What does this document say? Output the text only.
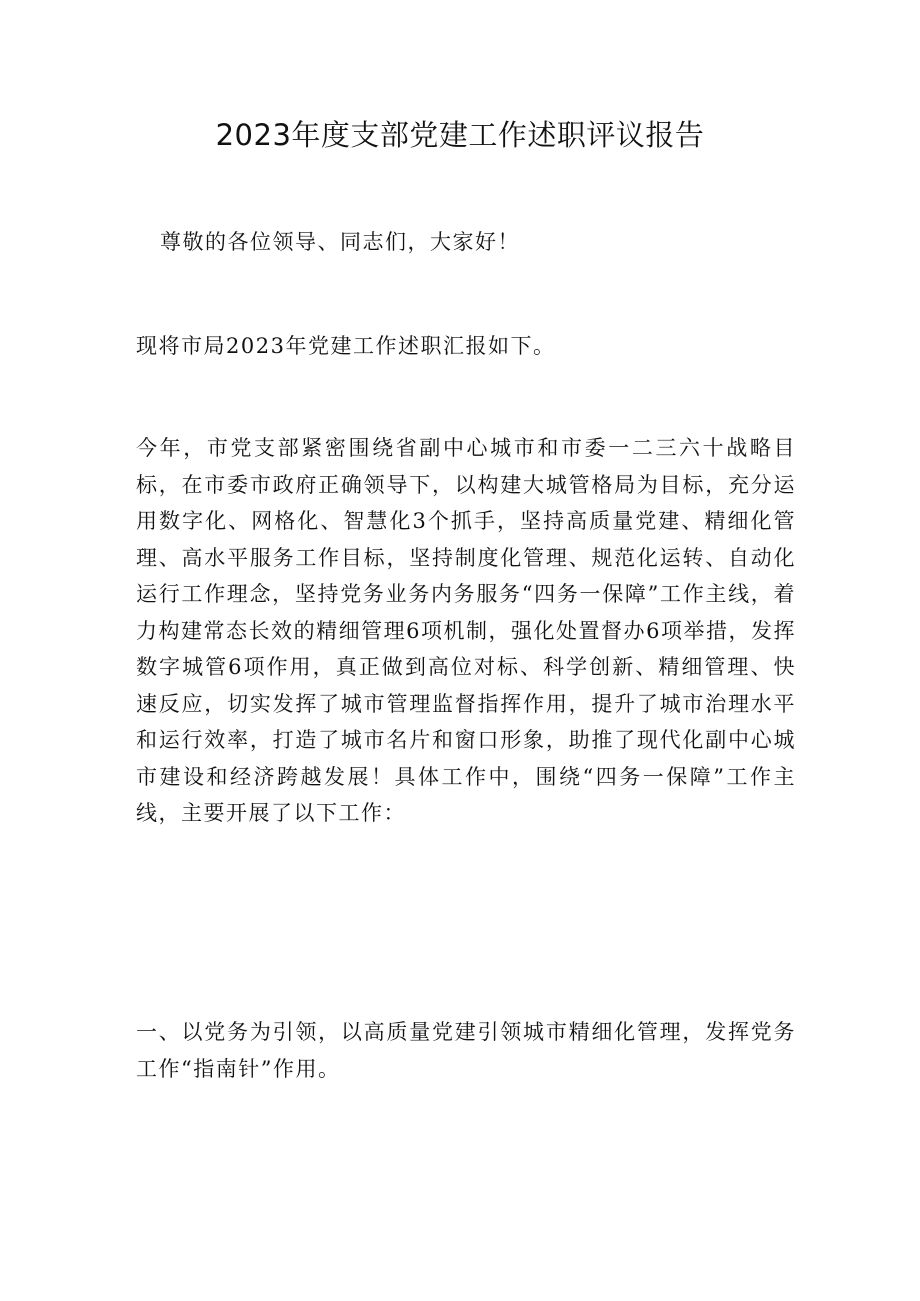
2023年度支部党建工作述职评议报告

尊敬的各位领导、同志们，大家好！

现将市局2023年党建工作述职汇报如下。

今年，市党支部紧密围绕省副中心城市和市委一二三六十战略目标，在市委市政府正确领导下，以构建大城管格局为目标，充分运用数字化、网格化、智慧化3个抓手，坚持高质量党建、精细化管理、高水平服务工作目标，坚持制度化管理、规范化运转、自动化运行工作理念，坚持党务业务内务服务“四务一保障”工作主线，着力构建常态长效的精细管理6项机制，强化处置督办6项举措，发挥数字城管6项作用，真正做到高位对标、科学创新、精细管理、快速反应，切实发挥了城市管理监督指挥作用，提升了城市治理水平和运行效率，打造了城市名片和窗口形象，助推了现代化副中心城市建设和经济跨越发展！具体工作中，围绕“四务一保障”工作主线，主要开展了以下工作：

一、以党务为引领，以高质量党建引领城市精细化管理，发挥党务工作“指南针”作用。
